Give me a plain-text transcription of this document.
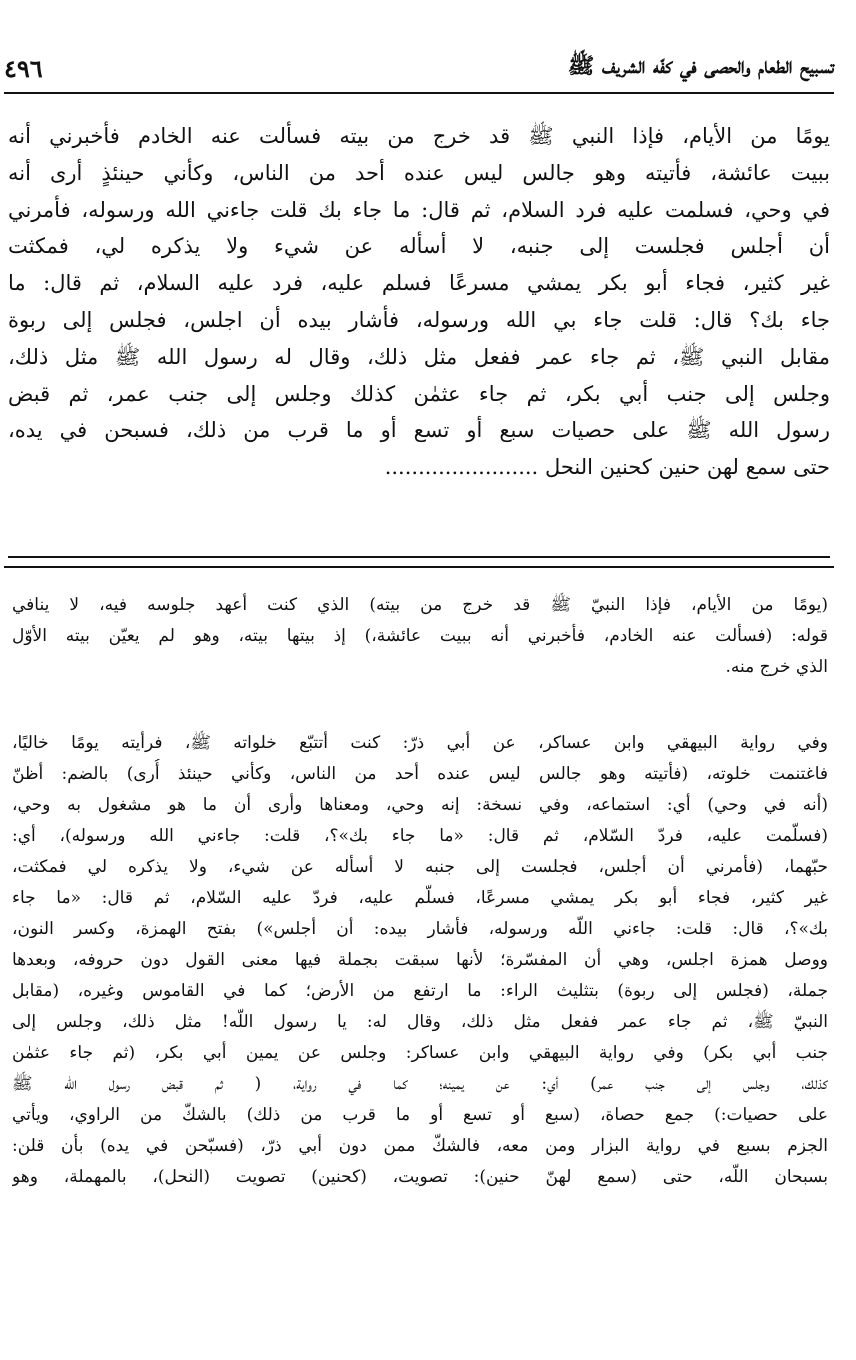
تسبيح الطعام والحصى في كفّه الشريف ﷺ
٤٩٦
يومًا من الأيام، فإذا النبي ﷺ قد خرج من بيته فسألت عنه الخادم فأخبرني أنه
ببيت عائشة، فأتيته وهو جالس ليس عنده أحد من الناس، وكأني حينئذٍ أرى أنه
في وحي، فسلمت عليه فرد السلام، ثم قال: ما جاء بك قلت جاءني الله ورسوله، فأمرني
أن أجلس فجلست إلى جنبه، لا أسأله عن شيء ولا يذكره لي، فمكثت
غير كثير، فجاء أبو بكر يمشي مسرعًا فسلم عليه، فرد عليه السلام، ثم قال: ما
جاء بك؟ قال: قلت جاء بي الله ورسوله، فأشار بيده أن اجلس، فجلس إلى ربوة
مقابل النبي ﷺ، ثم جاء عمر ففعل مثل ذلك، وقال له رسول الله ﷺ مثل ذلك،
وجلس إلى جنب أبي بكر، ثم جاء عثمٰن كذلك وجلس إلى جنب عمر، ثم قبض
رسول الله ﷺ على حصيات سبع أو تسع أو ما قرب من ذلك، فسبحن في يده،
حتى سمع لهن حنين كحنين النحل .......................
(يومًا من الأيام، فإذا النبيّ ﷺ قد خرج من بيته) الذي كنت أعهد جلوسه فيه، لا ينافي
قوله: (فسألت عنه الخادم، فأخبرني أنه ببيت عائشة،) إذ بيتها بيته، وهو لم يعيّن بيته الأوّل
الذي خرج منه.
وفي رواية البيهقي وابن عساكر، عن أبي ذرّ: كنت أتتبّع خلواته ﷺ، فرأيته يومًا خاليًا،
فاغتنمت خلوته، (فأتيته وهو جالس ليس عنده أحد من الناس، وكأني حينئذ أُرى) بالضم: أظنّ
(أنه في وحي) أي: استماعه، وفي نسخة: إنه وحي، ومعناها وأرى أن ما هو مشغول به وحي،
(فسلّمت عليه، فردّ السّلام، ثم قال: «ما جاء بك»؟، قلت: جاءني الله ورسوله)، أي:
حبّهما، (فأمرني أن أجلس، فجلست إلى جنبه لا أسأله عن شيء، ولا يذكره لي فمكثت،
غير كثير، فجاء أبو بكر يمشي مسرعًا، فسلّم عليه، فردّ عليه السّلام، ثم قال: «ما جاء
بك»؟، قال: قلت: جاءني اللّه ورسوله، فأشار بيده: أن أجلس») بفتح الهمزة، وكسر النون،
ووصل همزة اجلس، وهي أن المفسّرة؛ لأنها سبقت بجملة فيها معنى القول دون حروفه، وبعدها
جملة، (فجلس إلى ربوة) بتثليث الراء: ما ارتفع من الأرض؛ كما في القاموس وغيره، (مقابل
النبيّ ﷺ، ثم جاء عمر ففعل مثل ذلك، وقال له: يا رسول اللّه! مثل ذلك، وجلس إلى
جنب أبي بكر) وفي رواية البيهقي وابن عساكر: وجلس عن يمين أبي بكر، (ثم جاء عثمٰن
كذلك، وجلس إلى جنب عمر) أي: عن يمينه؛ كما في رواية، ( ثم قبض رسول اللّه ﷺ
على حصيات:) جمع حصاة، (سبع أو تسع أو ما قرب من ذلك) بالشكّ من الراوي، ويأتي
الجزم بسبع في رواية البزار ومن معه، فالشكّ ممن دون أبي ذرّ، (فسبّحن في يده) بأن قلن:
بسبحان اللّه، حتى (سمع لهنّ حنين): تصويت، (كحنين) تصويت (النحل)، بالمهملة، وهو
